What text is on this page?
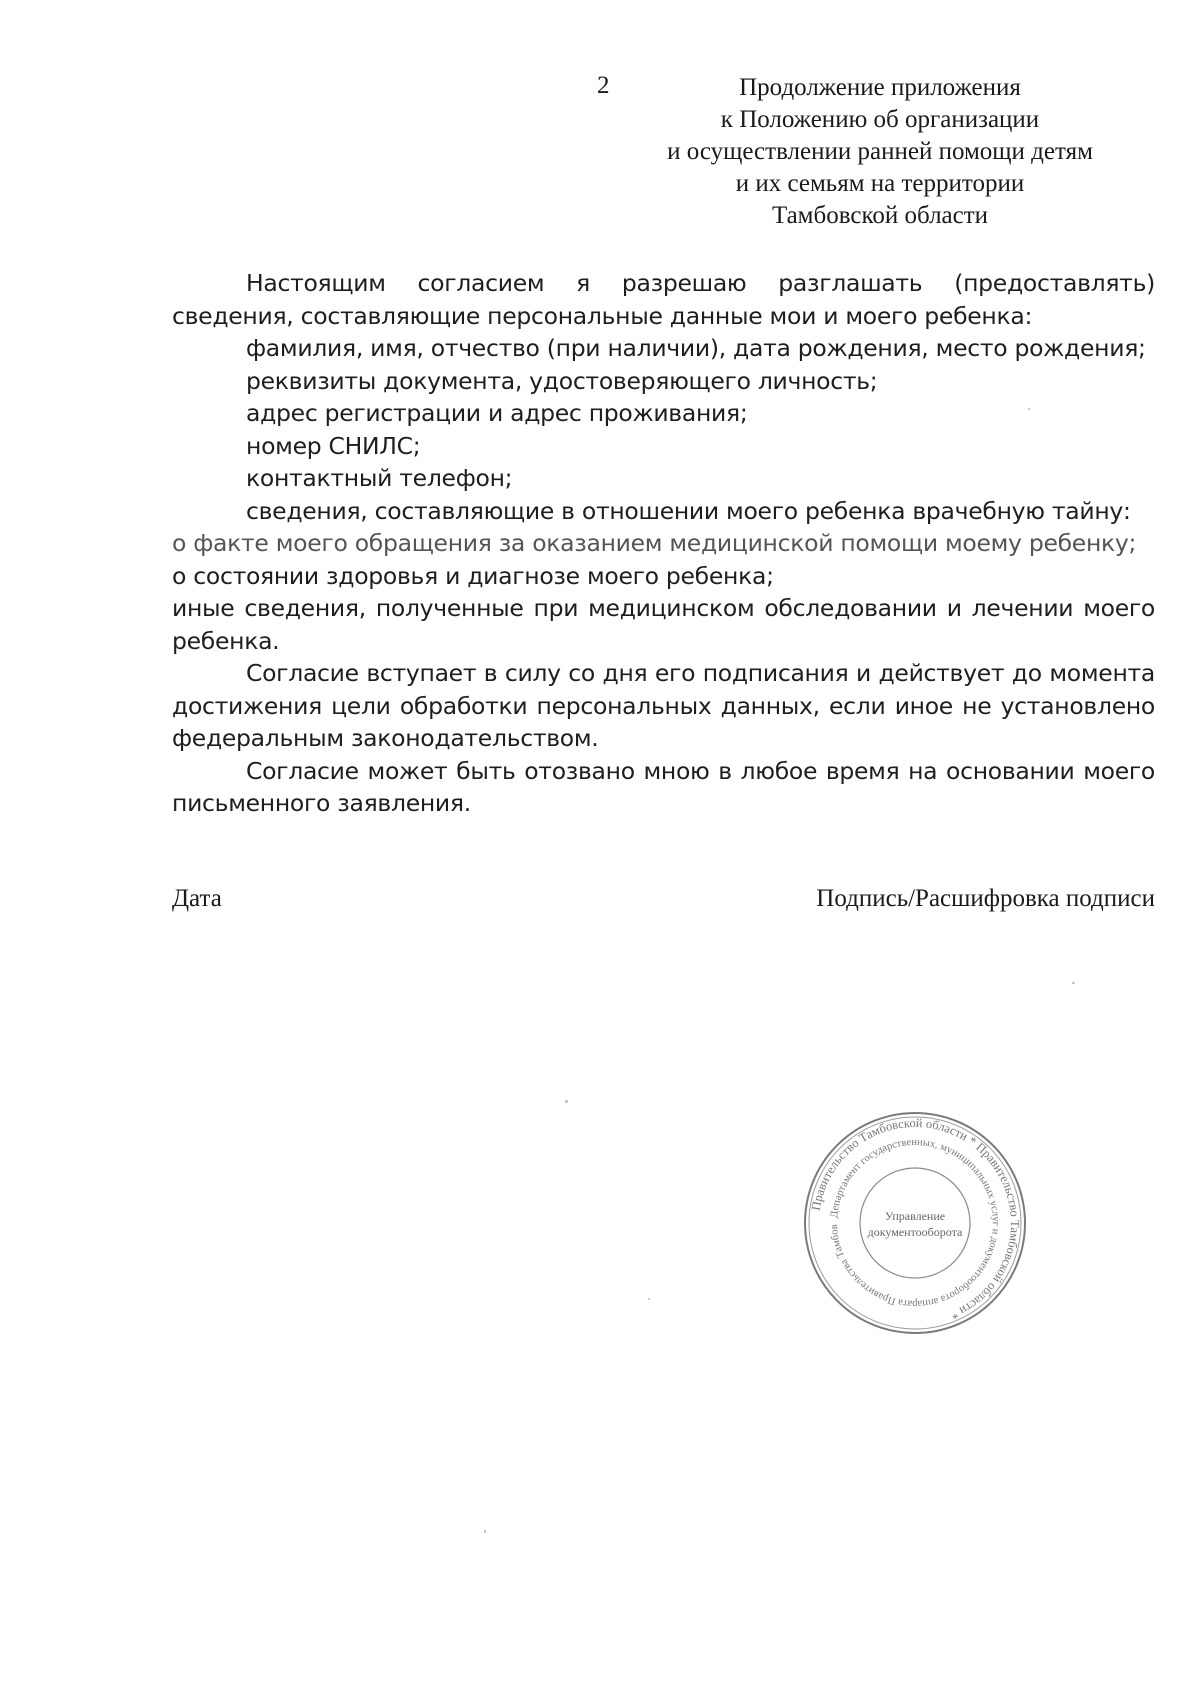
2	Продолжение приложения
к Положению об организации
и осуществлении ранней помощи детям
и их семьям на территории
Тамбовской области

Настоящим согласием я разрешаю разглашать (предоставлять) сведения, составляющие персональные данные мои и моего ребенка:

фамилия, имя, отчество (при наличии), дата рождения, место рождения;

реквизиты документа, удостоверяющего личность;

адрес регистрации и адрес проживания;

номер СНИЛС;

контактный телефон;

сведения, составляющие в отношении моего ребенка врачебную тайну:

о факте моего обращения за оказанием медицинской помощи моему ребенку;

о состоянии здоровья и диагнозе моего ребенка;

иные сведения, полученные при медицинском обследовании и лечении моего ребенка.

Согласие вступает в силу со дня его подписания и действует до момента достижения цели обработки персональных данных, если иное не установлено федеральным законодательством.

Согласие может быть отозвано мною в любое время на основании моего письменного заявления.

Дата	Подпись/Расшифровка подписи
Правительство Тамбовской области * Правительство Тамбовской области *
Департамент государственных, муниципальных услуг и документооборота аппарата Правительства Тамбов
Управление
документооборота
